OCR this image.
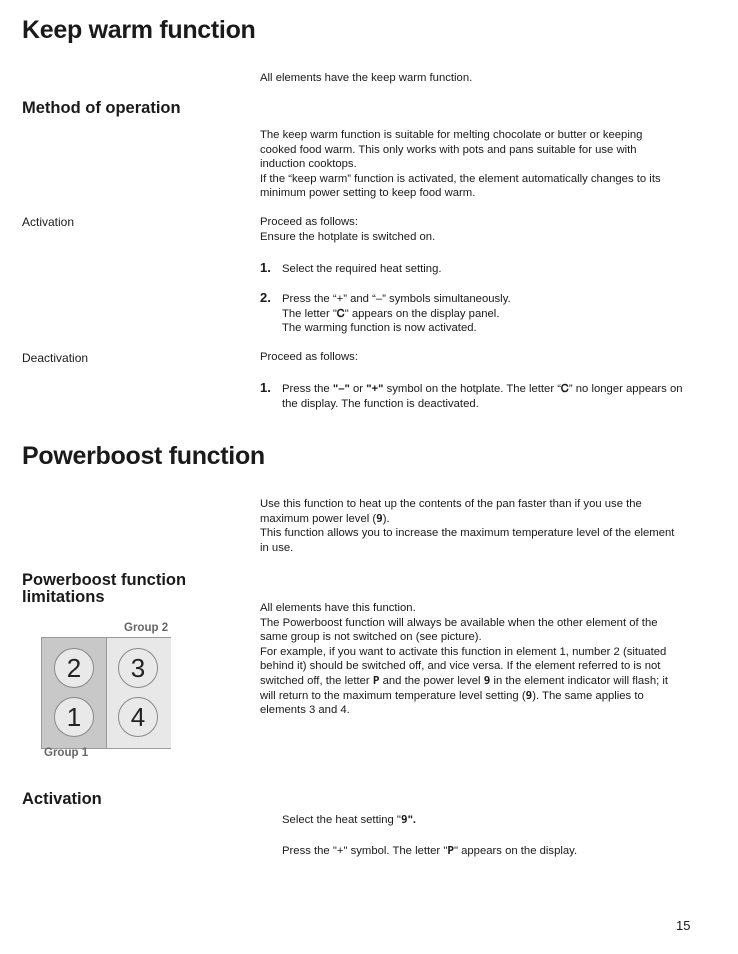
Keep warm function
All elements have the keep warm function.
Method of operation

The keep warm function is suitable for melting chocolate or butter or keeping

cooked food warm. This only works with pots and pans suitable for use with

induction cooktops.

If the “keep warm” function is activated, the element automatically changes to its

minimum power setting to keep food warm.

Activation	Proceed as follows:

Ensure the hotplate is switched on.

1. Select the required heat setting.

2. Press the “+” and “–” symbols simultaneously.

The letter "Ꮯ" appears on the display panel.

The warming function is now activated.

Deactivation	Proceed as follows:
1. Press the "–" or "+" symbol on the hotplate. The letter “Ꮯ” no longer appears on

the display. The function is deactivated.

Powerboost function

Use this function to heat up the contents of the pan faster than if you use the

maximum power level (9).

This function allows you to increase the maximum temperature level of the element

in use.

Powerboost function
limitations

All elements have this function.

The Powerboost function will always be available when the other element of the

same group is not switched on (see picture).

For example, if you want to activate this function in element 1, number 2 (situated

behind it) should be switched off, and vice versa. If the element referred to is not

switched off, the letter P and the power level 9 in the element indicator will flash; it

will return to the maximum temperature level setting (9). The same applies to

elements 3 and 4.

Group 2
2	3
1	4
Group 1
Activation

Select the heat setting "9".

Press the "+" symbol. The letter "P" appears on the display.

15
